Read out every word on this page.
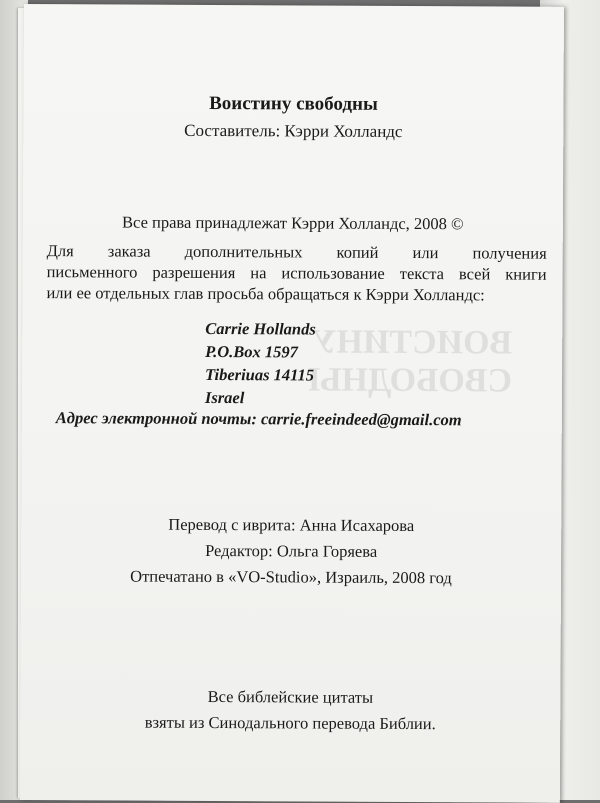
ВОИСТИНУ
СВОБОДНЫ
Воистину свободны
Составитель: Кэрри Холландс
Все права принадлежат Кэрри Холландс, 2008 ©
Для заказа дополнительных копий или получения
письменного разрешения на использование текста всей книги
или ее отдельных глав просьба обращаться к Кэрри Холландс:
Carrie Hollands
P.O.Box 1597
Tiberiuas 14115
Israel
Адрес электронной почты: carrie.freeindeed@gmail.com
Перевод с иврита: Анна Исахарова
Редактор: Ольга Горяева
Отпечатано в «VO-Studio», Израиль, 2008 год
Все библейские цитаты
взяты из Синодального перевода Библии.
